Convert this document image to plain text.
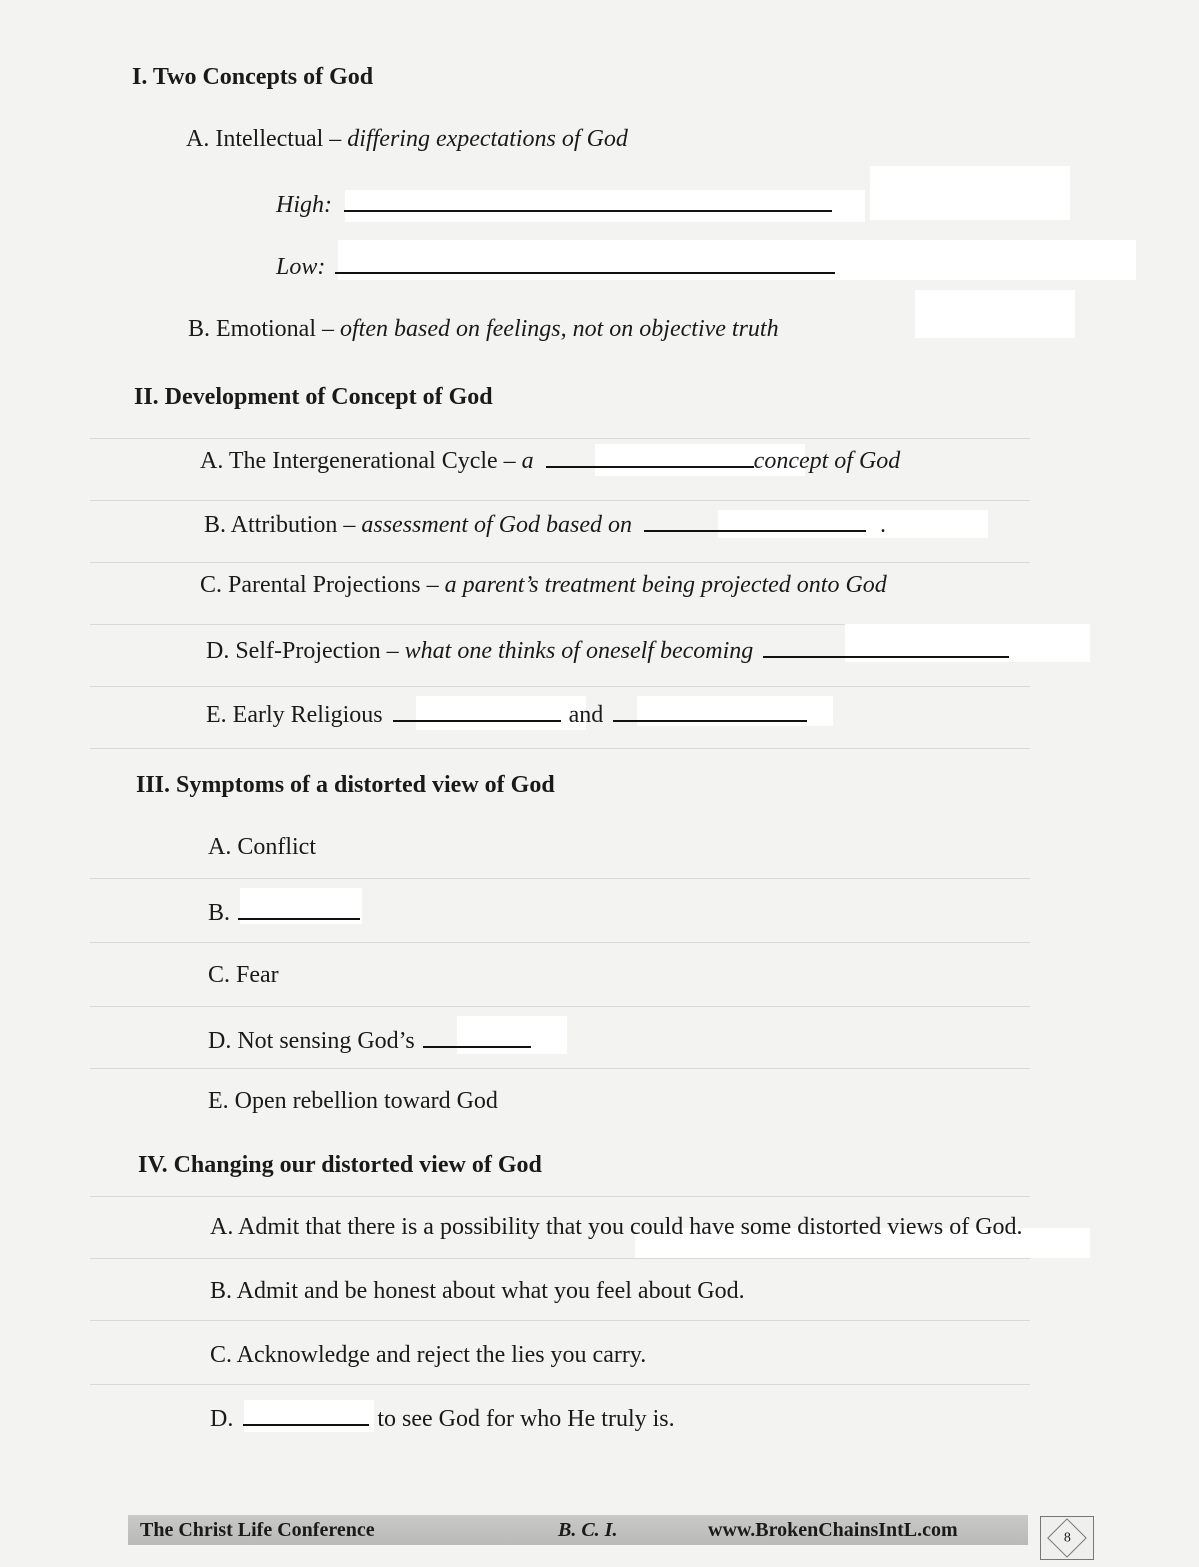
I. Two Concepts of God
A. Intellectual – differing expectations of God
High:
Low:
B. Emotional – often based on feelings, not on objective truth
II. Development of Concept of God
A. The Intergenerational Cycle – a	concept of God
B. Attribution – assessment of God based on	.
C. Parental Projections – a parent’s treatment being projected onto God
D. Self-Projection – what one thinks of oneself becoming
E. Early Religious	and
III. Symptoms of a distorted view of God
A. Conflict
B.
C. Fear
D. Not sensing God’s
E. Open rebellion toward God
IV. Changing our distorted view of God
A. Admit that there is a possibility that you could have some distorted views of God.
B. Admit and be honest about what you feel about God.
C. Acknowledge and reject the lies you carry.
D.	to see God for who He truly is.
The Christ Life Conference	B. C. I.	www.BrokenChainsIntL.com	8
